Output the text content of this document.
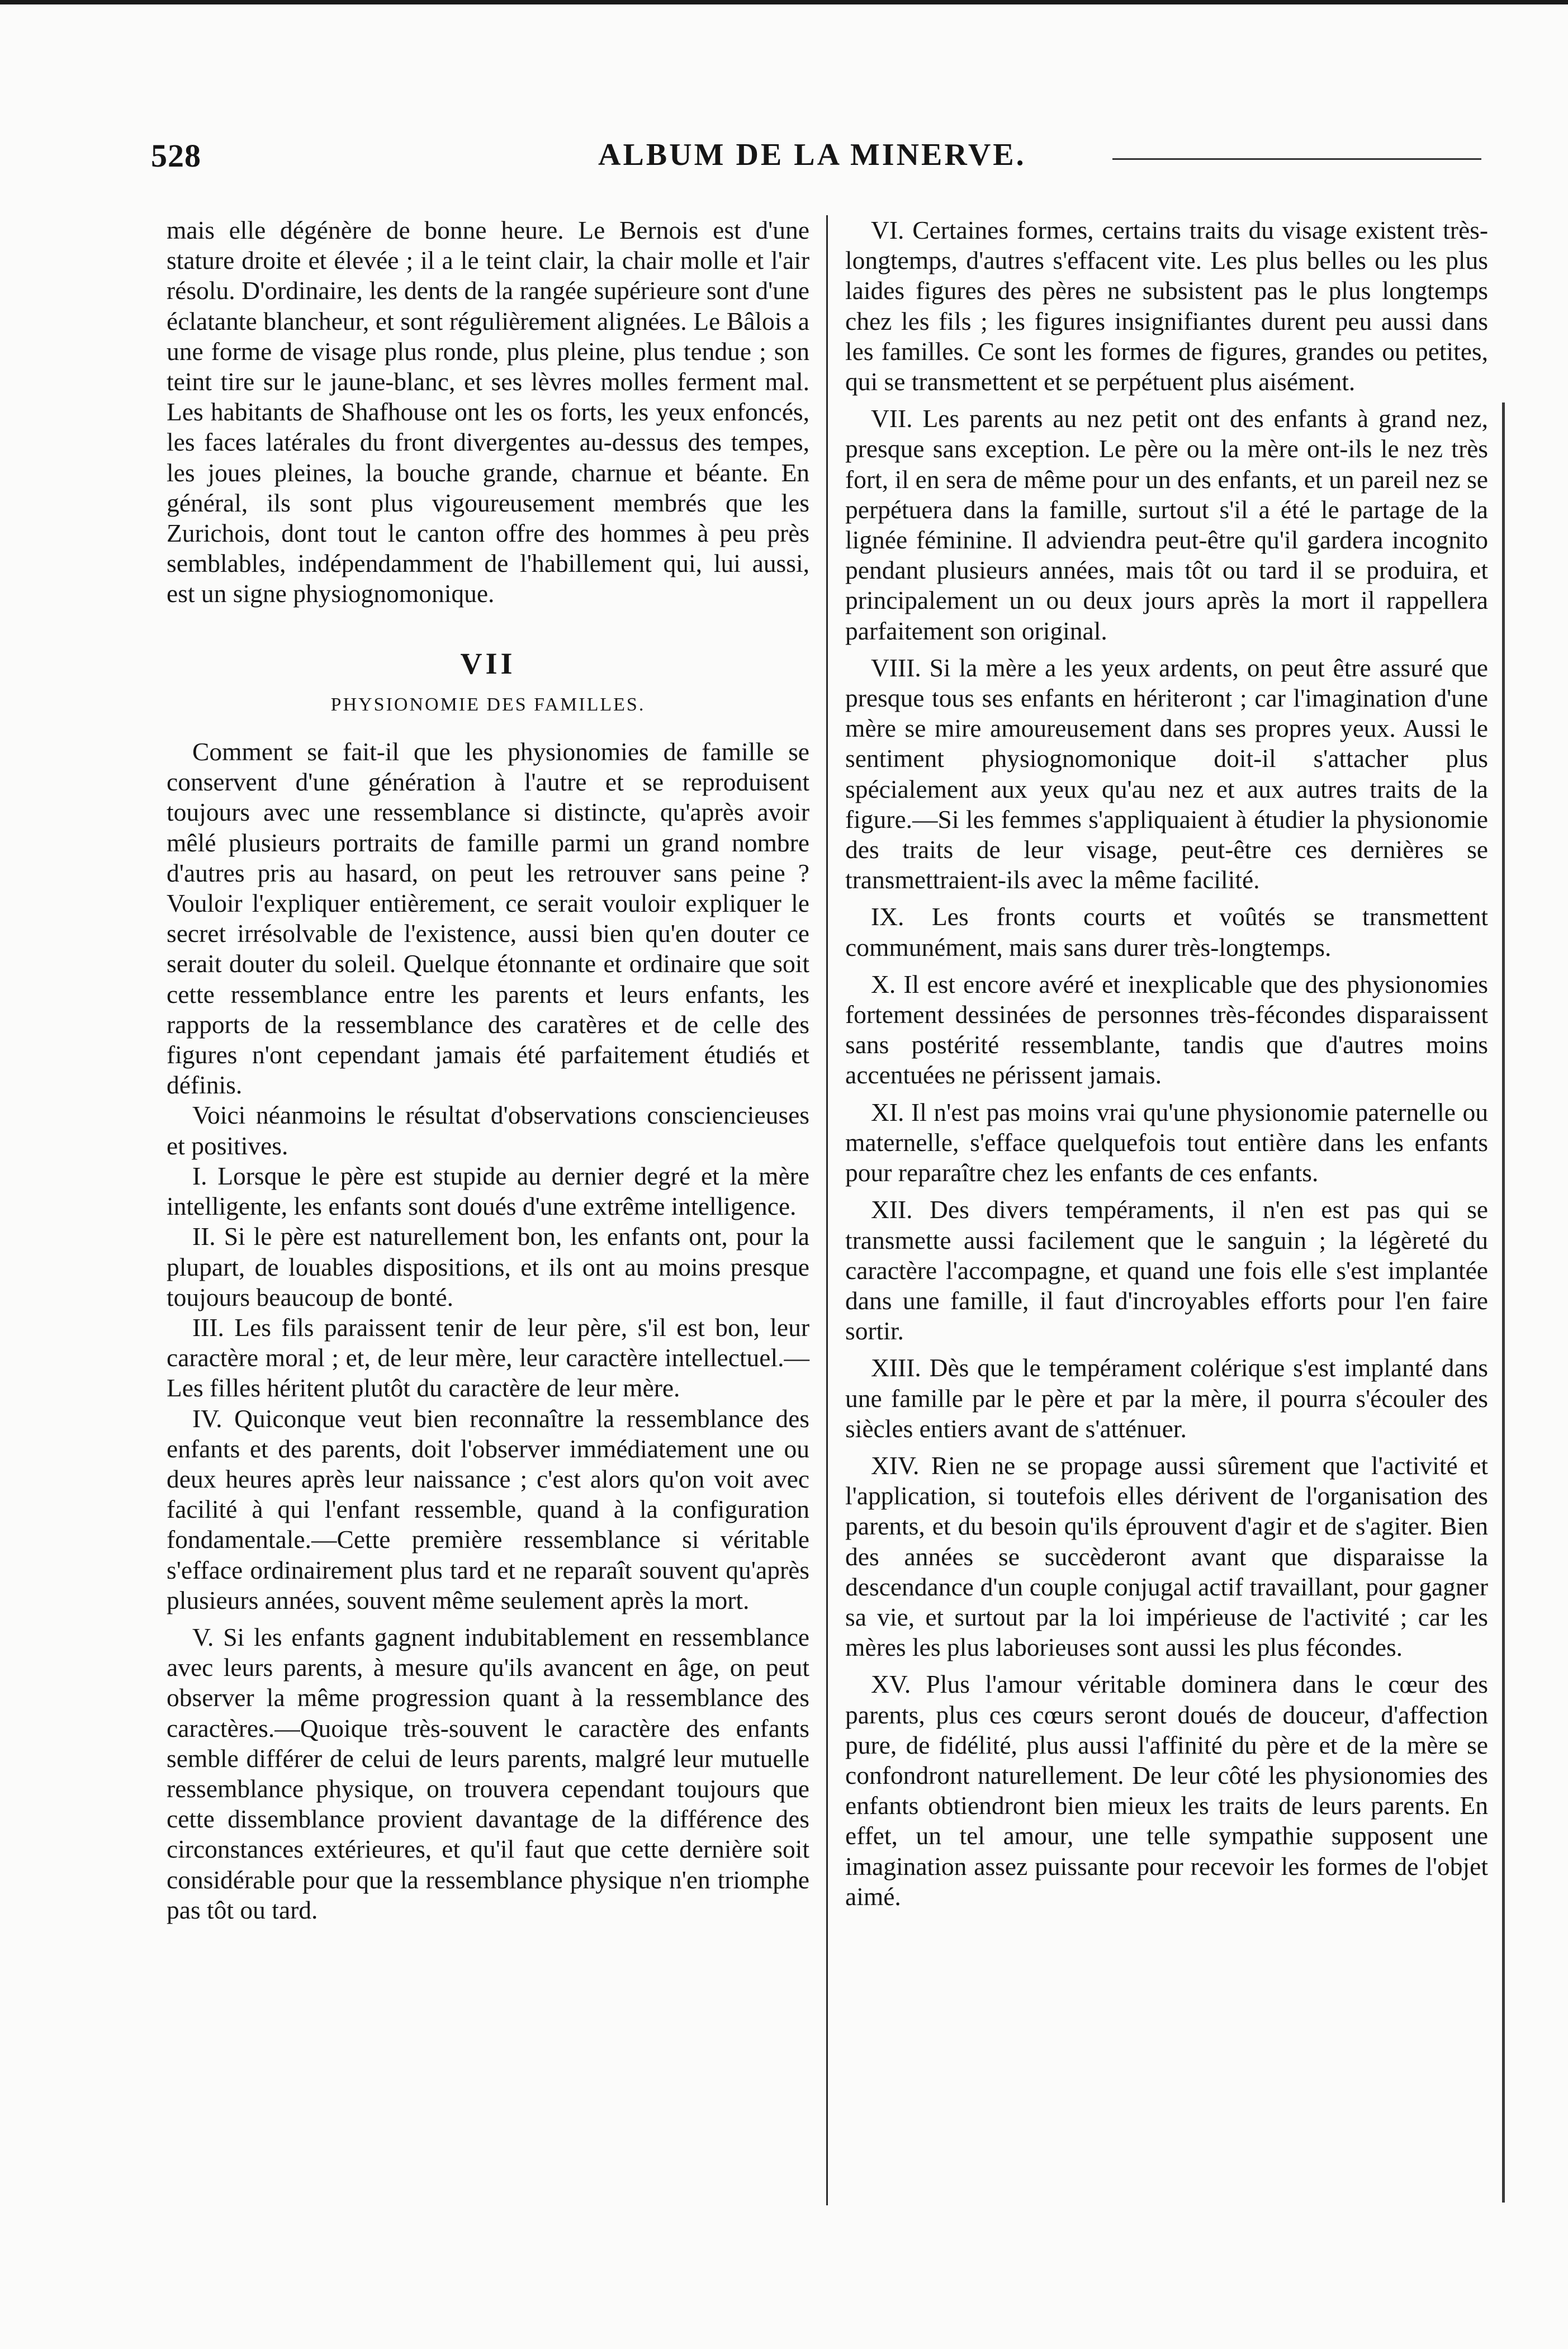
528	ALBUM DE LA MINERVE.

mais elle dégénère de bonne heure. Le Bernois est d'une stature droite et élevée ; il a le teint clair, la chair molle et l'air résolu. D'ordinaire, les dents de la rangée supérieure sont d'une éclatante blancheur, et sont régulièrement alignées. Le Bâlois a une forme de visage plus ronde, plus pleine, plus tendue ; son teint tire sur le jaune-blanc, et ses lèvres molles ferment mal. Les habitants de Shafhouse ont les os forts, les yeux enfoncés, les faces latérales du front divergentes au-dessus des tempes, les joues pleines, la bouche grande, charnue et béante. En général, ils sont plus vigoureusement membrés que les Zurichois, dont tout le canton offre des hommes à peu près semblables, indépendamment de l'habillement qui, lui aussi, est un signe physiognomonique.

VII

PHYSIONOMIE DES FAMILLES.

Comment se fait-il que les physionomies de famille se conservent d'une génération à l'autre et se reproduisent toujours avec une ressemblance si distincte, qu'après avoir mêlé plusieurs portraits de famille parmi un grand nombre d'autres pris au hasard, on peut les retrouver sans peine ? Vouloir l'expliquer entièrement, ce serait vouloir expliquer le secret irrésolvable de l'existence, aussi bien qu'en douter ce serait douter du soleil. Quelque étonnante et ordinaire que soit cette ressemblance entre les parents et leurs enfants, les rapports de la ressemblance des caratères et de celle des figures n'ont cependant jamais été parfaitement étudiés et définis.

Voici néanmoins le résultat d'observations consciencieuses et positives.

I. Lorsque le père est stupide au dernier degré et la mère intelligente, les enfants sont doués d'une extrême intelligence.

II. Si le père est naturellement bon, les enfants ont, pour la plupart, de louables dispositions, et ils ont au moins presque toujours beaucoup de bonté.

III. Les fils paraissent tenir de leur père, s'il est bon, leur caractère moral ; et, de leur mère, leur caractère intellectuel.—Les filles héritent plutôt du caractère de leur mère.

IV. Quiconque veut bien reconnaître la ressemblance des enfants et des parents, doit l'observer immédiatement une ou deux heures après leur naissance ; c'est alors qu'on voit avec facilité à qui l'enfant ressemble, quand à la configuration fondamentale.—Cette première ressemblance si véritable s'efface ordinairement plus tard et ne reparaît souvent qu'après plusieurs années, souvent même seulement après la mort.

V. Si les enfants gagnent indubitablement en ressemblance avec leurs parents, à mesure qu'ils avancent en âge, on peut observer la même progression quant à la ressemblance des caractères.—Quoique très-souvent le caractère des enfants semble différer de celui de leurs parents, malgré leur mutuelle ressemblance physique, on trouvera cependant toujours que cette dissemblance provient davantage de la différence des circonstances extérieures, et qu'il faut que cette dernière soit considérable pour que la ressemblance physique n'en triomphe pas tôt ou tard.

VI. Certaines formes, certains traits du visage existent très-longtemps, d'autres s'effacent vite. Les plus belles ou les plus laides figures des pères ne subsistent pas le plus longtemps chez les fils ; les figures insignifiantes durent peu aussi dans les familles. Ce sont les formes de figures, grandes ou petites, qui se transmettent et se perpétuent plus aisément.

VII. Les parents au nez petit ont des enfants à grand nez, presque sans exception. Le père ou la mère ont-ils le nez très fort, il en sera de même pour un des enfants, et un pareil nez se perpétuera dans la famille, surtout s'il a été le partage de la lignée féminine. Il adviendra peut-être qu'il gardera incognito pendant plusieurs années, mais tôt ou tard il se produira, et principalement un ou deux jours après la mort il rappellera parfaitement son original.

VIII. Si la mère a les yeux ardents, on peut être assuré que presque tous ses enfants en hériteront ; car l'imagination d'une mère se mire amoureusement dans ses propres yeux. Aussi le sentiment physiognomonique doit-il s'attacher plus spécialement aux yeux qu'au nez et aux autres traits de la figure.—Si les femmes s'appliquaient à étudier la physionomie des traits de leur visage, peut-être ces dernières se transmettraient-ils avec la même facilité.

IX. Les fronts courts et voûtés se transmettent communément, mais sans durer très-longtemps.

X. Il est encore avéré et inexplicable que des physionomies fortement dessinées de personnes très-fécondes disparaissent sans postérité ressemblante, tandis que d'autres moins accentuées ne périssent jamais.

XI. Il n'est pas moins vrai qu'une physionomie paternelle ou maternelle, s'efface quelquefois tout entière dans les enfants pour reparaître chez les enfants de ces enfants.

XII. Des divers tempéraments, il n'en est pas qui se transmette aussi facilement que le sanguin ; la légèreté du caractère l'accompagne, et quand une fois elle s'est implantée dans une famille, il faut d'incroyables efforts pour l'en faire sortir.

XIII. Dès que le tempérament colérique s'est implanté dans une famille par le père et par la mère, il pourra s'écouler des siècles entiers avant de s'atténuer.

XIV. Rien ne se propage aussi sûrement que l'activité et l'application, si toutefois elles dérivent de l'organisation des parents, et du besoin qu'ils éprouvent d'agir et de s'agiter. Bien des années se succèderont avant que disparaisse la descendance d'un couple conjugal actif travaillant, pour gagner sa vie, et surtout par la loi impérieuse de l'activité ; car les mères les plus laborieuses sont aussi les plus fécondes.

XV. Plus l'amour véritable dominera dans le cœur des parents, plus ces cœurs seront doués de douceur, d'affection pure, de fidélité, plus aussi l'affinité du père et de la mère se confondront naturellement. De leur côté les physionomies des enfants obtiendront bien mieux les traits de leurs parents. En effet, un tel amour, une telle sympathie supposent une imagination assez puissante pour recevoir les formes de l'objet aimé.
